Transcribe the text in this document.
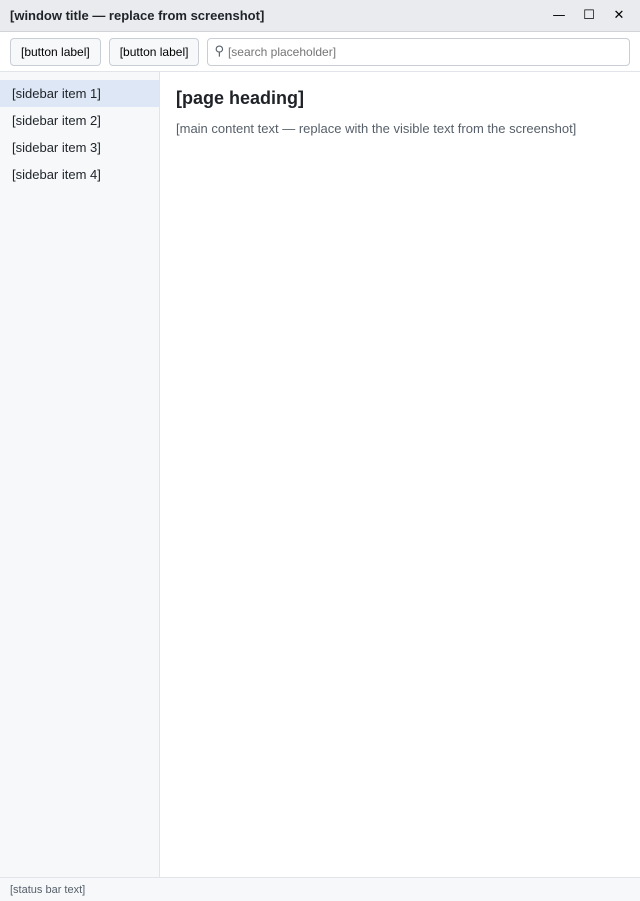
[window title — replace from screenshot]	—	☐	✕
[button label]	[button label]	⚲
[search placeholder]
[sidebar item 1]
[sidebar item 2]
[sidebar item 3]
[sidebar item 4]
[page heading]

[main content text — replace with the visible text from the screenshot]

[status bar text]
